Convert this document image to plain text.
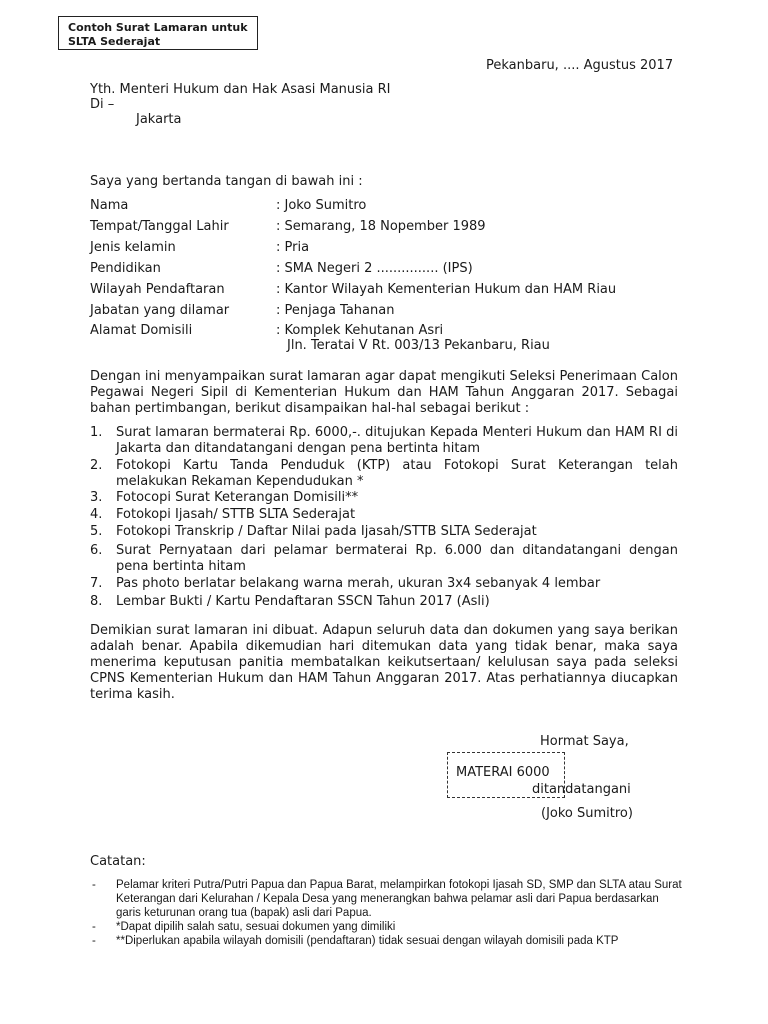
Contoh Surat Lamaran untuk
SLTA Sederajat
Pekanbaru, .... Agustus 2017
Yth. Menteri Hukum dan Hak Asasi Manusia RI
Di –
Jakarta
Saya yang bertanda tangan di bawah ini :
Nama	: Joko Sumitro
Tempat/Tanggal Lahir	: Semarang, 18 Nopember 1989
Jenis kelamin	: Pria
Pendidikan	: SMA Negeri 2 ............... (IPS)
Wilayah Pendaftaran	: Kantor Wilayah Kementerian Hukum dan HAM Riau
Jabatan yang dilamar	: Penjaga Tahanan
Alamat Domisili	: Komplek Kehutanan Asri
Jln. Teratai V Rt. 003/13 Pekanbaru, Riau
Dengan ini menyampaikan surat lamaran agar dapat mengikuti Seleksi Penerimaan Calon Pegawai Negeri Sipil di Kementerian Hukum dan HAM Tahun Anggaran 2017. Sebagai bahan pertimbangan, berikut disampaikan hal-hal sebagai berikut :
1.	Surat lamaran bermaterai Rp. 6000,-. ditujukan Kepada Menteri Hukum dan HAM RI di Jakarta dan ditandatangani dengan pena bertinta hitam
2.	Fotokopi Kartu Tanda Penduduk (KTP) atau Fotokopi Surat Keterangan telah melakukan Rekaman Kependudukan *
3.	Fotocopi Surat Keterangan Domisili**
4.	Fotokopi Ijasah/ STTB SLTA Sederajat
5.	Fotokopi Transkrip / Daftar Nilai pada Ijasah/STTB SLTA Sederajat
6.	Surat Pernyataan dari pelamar bermaterai Rp. 6.000 dan ditandatangani dengan pena bertinta hitam
7.	Pas photo berlatar belakang warna merah, ukuran 3x4 sebanyak 4 lembar
8.	Lembar Bukti / Kartu Pendaftaran SSCN Tahun 2017 (Asli)
Demikian surat lamaran ini dibuat. Adapun seluruh data dan dokumen yang saya berikan adalah benar. Apabila dikemudian hari ditemukan data yang tidak benar, maka saya menerima keputusan panitia membatalkan keikutsertaan/ kelulusan saya pada seleksi CPNS Kementerian Hukum dan HAM Tahun Anggaran 2017. Atas perhatiannya diucapkan terima kasih.
Hormat Saya,
MATERAI 6000
ditandatangani
(Joko Sumitro)
Catatan:
- Pelamar kriteri Putra/Putri Papua dan Papua Barat, melampirkan fotokopi Ijasah SD, SMP dan SLTA atau Surat Keterangan dari Kelurahan / Kepala Desa yang menerangkan bahwa pelamar asli dari Papua berdasarkan garis keturunan orang tua (bapak) asli dari Papua.
- *Dapat dipilih salah satu, sesuai dokumen yang dimiliki
- **Diperlukan apabila wilayah domisili (pendaftaran) tidak sesuai dengan wilayah domisili pada KTP
